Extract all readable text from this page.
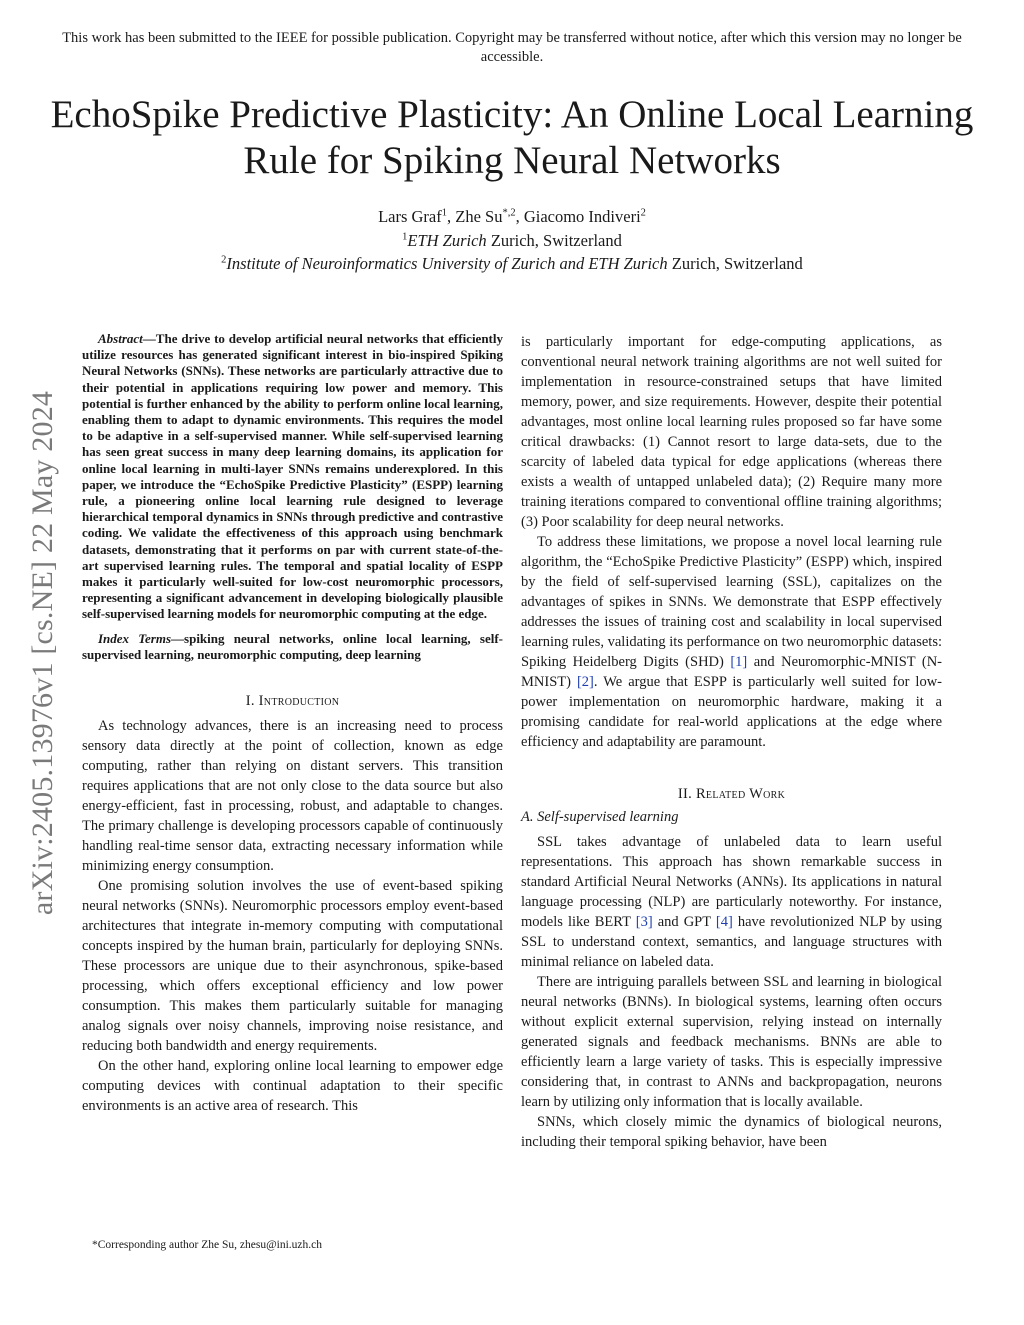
This work has been submitted to the IEEE for possible publication. Copyright may be transferred without notice, after which this version may no longer be accessible.
EchoSpike Predictive Plasticity: An Online Local Learning Rule for Spiking Neural Networks
Lars Graf$^1$, Zhe $Su^{*,2}$, Giacomo Indiveri$^2$
$^1$ETH Zurich Zurich, Switzerland
$^2$Institute of Neuroinformatics University of Zurich and ETH Zurich Zurich, Switzerland
arXiv:2405.13976v1 [cs.NE] 22 May 2024

Abstract—The drive to develop artificial neural networks that efficiently utilize resources has generated significant interest in bio-inspired Spiking Neural Networks (SNNs). These networks are particularly attractive due to their potential in applications requiring low power and memory. This potential is further enhanced by the ability to perform online local learning, enabling them to adapt to dynamic environments. This requires the model to be adaptive in a self-supervised manner. While self-supervised learning has seen great success in many deep learning domains, its application for online local learning in multi-layer SNNs remains underexplored. In this paper, we introduce the “EchoSpike Predictive Plasticity” (ESPP) learning rule, a pioneering online local learning rule designed to leverage hierarchical temporal dynamics in SNNs through predictive and contrastive coding. We validate the effectiveness of this approach using benchmark datasets, demonstrating that it performs on par with current state-of-the-art supervised learning rules. The temporal and spatial locality of ESPP makes it particularly well-suited for low-cost neuromorphic processors, representing a significant advancement in developing biologically plausible self-supervised learning models for neuromorphic computing at the edge.

Index Terms—spiking neural networks, online local learning, self-supervised learning, neuromorphic computing, deep learning

I. Introduction

As technology advances, there is an increasing need to process sensory data directly at the point of collection, known as edge computing, rather than relying on distant servers. This transition requires applications that are not only close to the data source but also energy-efficient, fast in processing, robust, and adaptable to changes. The primary challenge is developing processors capable of continuously handling real-time sensor data, extracting necessary information while minimizing energy consumption.

One promising solution involves the use of event-based spiking neural networks (SNNs). Neuromorphic processors employ event-based architectures that integrate in-memory computing with computational concepts inspired by the human brain, particularly for deploying SNNs. These processors are unique due to their asynchronous, spike-based processing, which offers exceptional efficiency and low power consumption. This makes them particularly suitable for managing analog signals over noisy channels, improving noise resistance, and reducing both bandwidth and energy requirements.

On the other hand, exploring online local learning to empower edge computing devices with continual adaptation to their specific environments is an active area of research. This

is particularly important for edge-computing applications, as conventional neural network training algorithms are not well suited for implementation in resource-constrained setups that have limited memory, power, and size requirements. However, despite their potential advantages, most online local learning rules proposed so far have some critical drawbacks: (1) Cannot resort to large data-sets, due to the scarcity of labeled data typical for edge applications (whereas there exists a wealth of untapped unlabeled data); (2) Require many more training iterations compared to conventional offline training algorithms; (3) Poor scalability for deep neural networks.

To address these limitations, we propose a novel local learning rule algorithm, the “EchoSpike Predictive Plasticity” (ESPP) which, inspired by the field of self-supervised learning (SSL), capitalizes on the advantages of spikes in SNNs. We demonstrate that ESPP effectively addresses the issues of training cost and scalability in local supervised learning rules, validating its performance on two neuromorphic datasets: Spiking Heidelberg Digits (SHD) [1] and Neuromorphic-MNIST (N-MNIST) [2]. We argue that ESPP is particularly well suited for low-power implementation on neuromorphic hardware, making it a promising candidate for real-world applications at the edge where efficiency and adaptability are paramount.

II. Related Work
A. Self-supervised learning

SSL takes advantage of unlabeled data to learn useful representations. This approach has shown remarkable success in standard Artificial Neural Networks (ANNs). Its applications in natural language processing (NLP) are particularly noteworthy. For instance, models like BERT [3] and GPT [4] have revolutionized NLP by using SSL to understand context, semantics, and language structures with minimal reliance on labeled data.

There are intriguing parallels between SSL and learning in biological neural networks (BNNs). In biological systems, learning often occurs without explicit external supervision, relying instead on internally generated signals and feedback mechanisms. BNNs are able to efficiently learn a large variety of tasks. This is especially impressive considering that, in contrast to ANNs and backpropagation, neurons learn by utilizing only information that is locally available.

SNNs, which closely mimic the dynamics of biological neurons, including their temporal spiking behavior, have been

*Corresponding author Zhe Su, zhesu@ini.uzh.ch
